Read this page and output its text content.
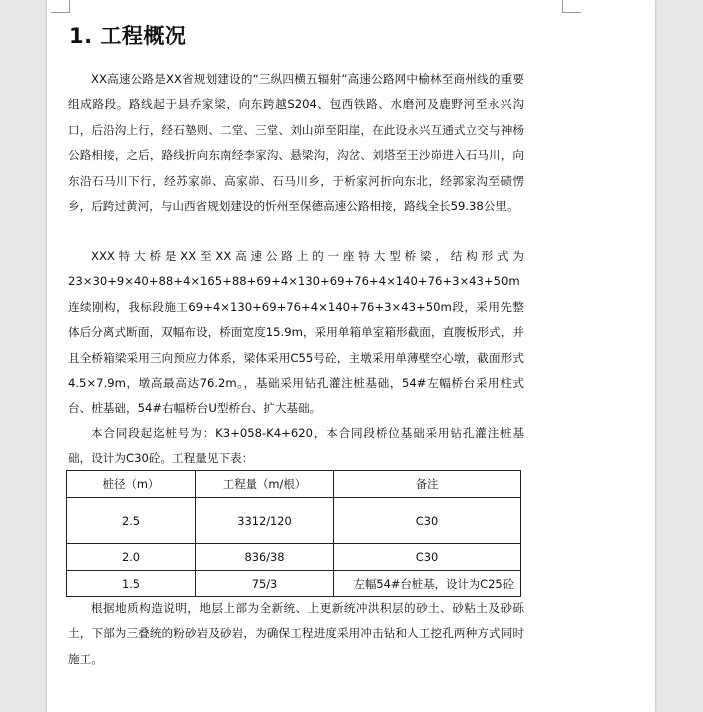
1. 工程概况

XX高速公路是XX省规划建设的“三纵四横五辐射”高速公路网中榆林至商州线的重要组成路段。路线起于县乔家梁，向东跨越S204、包西铁路、水磨河及鹿野河至永兴沟口，后沿沟上行，经石墊则、二堂、三堂、刘山峁至阳崖，在此设永兴互通式立交与神杨公路相接，之后，路线折向东南经李家沟、悬梁沟，沟岔、刘塔至王沙峁进入石马川，向东沿石马川下行，经苏家峁、高家峁、石马川乡，于析家河折向东北，经郭家沟至碛愣乡，后跨过黄河，与山西省规划建设的忻州至保德高速公路相接，路线全长59.38公里。

XXX特大桥是XX至XX高速公路上的一座特大型桥梁，结构形式为23×30+9×40+88+4×165+88+69+4×130+69+76+4×140+76+3×43+50m连续刚构，我标段施工69+4×130+69+76+4×140+76+3×43+50m段，采用先整体后分离式断面，双幅布设，桥面宽度15.9m，采用单箱单室箱形截面，直腹板形式，并且全桥箱梁采用三向预应力体系，梁体采用C55号砼，主墩采用单薄壁空心墩，截面形式4.5×7.9m，墩高最高达76.2m。，基础采用钻孔灌注桩基础，54#左幅桥台采用柱式台、桩基础，54#右幅桥台U型桥台、扩大基础。

本合同段起迄桩号为：K3+058-K4+620，本合同段桥位基础采用钻孔灌注桩基础，设计为C30砼。工程量见下表：

桩径（m）	工程量（m/根）	备注
2.5	3312/120	C30
2.0	836/38	C30
1.5	75/3	左幅54#台桩基，设计为C25砼

根据地质构造说明，地层上部为全新统、上更新统冲洪积层的砂土、砂粘土及砂砾土，下部为三叠统的粉砂岩及砂岩，为确保工程进度采用冲击钻和人工挖孔两种方式同时施工。
